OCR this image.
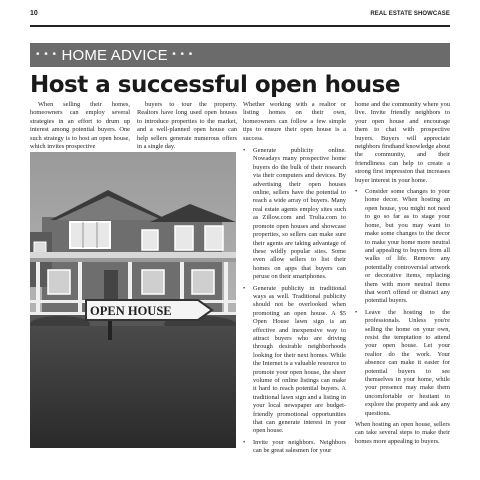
10	REAL ESTATE SHOWCASE
• • • HOME ADVICE • • •
Host a successful open house

When selling their homes, homeowners can employ several strategies in an effort to drum up interest among potential buyers. One such strategy is to host an open house, which invites prospective

buyers to tour the property. Realtors have long used open houses to introduce properties to the market, and a well-planned open house can help sellers generate numerous offers in a single day.

Whether working with a realtor or listing homes on their own, homeowners can follow a few simple tips to ensure their open house is a success.

• Generate publicity online. Nowadays many prospective home buyers do the bulk of their research via their computers and devices. By advertising their open houses online, sellers have the potential to reach a wide array of buyers. Many real estate agents employ sites such as Zillow.com and Trulia.com to promote open houses and showcase properties, so sellers can make sure their agents are taking advantage of these wildly popular sites. Some even allow sellers to list their homes on apps that buyers can peruse on their smartphones.
• Generate publicity in traditional ways as well. Traditional publicity should not be overlooked when promoting an open house. A $5 Open House lawn sign is an effective and inexpensive way to attract buyers who are driving through desirable neighborhoods looking for their next homes. While the Internet is a valuable resource to promote your open house, the sheer volume of online listings can make it hard to reach potential buyers. A traditional lawn sign and a listing in your local newspaper are budget-friendly promotional opportunities that can generate interest in your open house.
• Invite your neighbors. Neighbors can be great salesmen for your

home and the community where you live. Invite friendly neighbors to your open house and encourage them to chat with prospective buyers. Buyers will appreciate neighbors firsthand knowledge about the community, and their friendliness can help to create a strong first impression that increases buyer interest in your home.

• Consider some changes to your home decor. When hosting an open house, you might not need to go so far as to stage your home, but you may want to make some changes to the decor to make your home more neutral and appealing to buyers from all walks of life. Remove any potentially controversial artwork or decorative items, replacing them with more neutral items that won't offend or distract any potential buyers.
• Leave the hosting to the professionals. Unless you're selling the home on your own, resist the temptation to attend your open house. Let your realtor do the work. Your absence can make it easier for potential buyers to see themselves in your home, while your presence may make them uncomfortable or hesitant to explore the property and ask any questions.

When hosting an open house, sellers can take several steps to make their homes more appealing to buyers.

OPEN HOUSE
